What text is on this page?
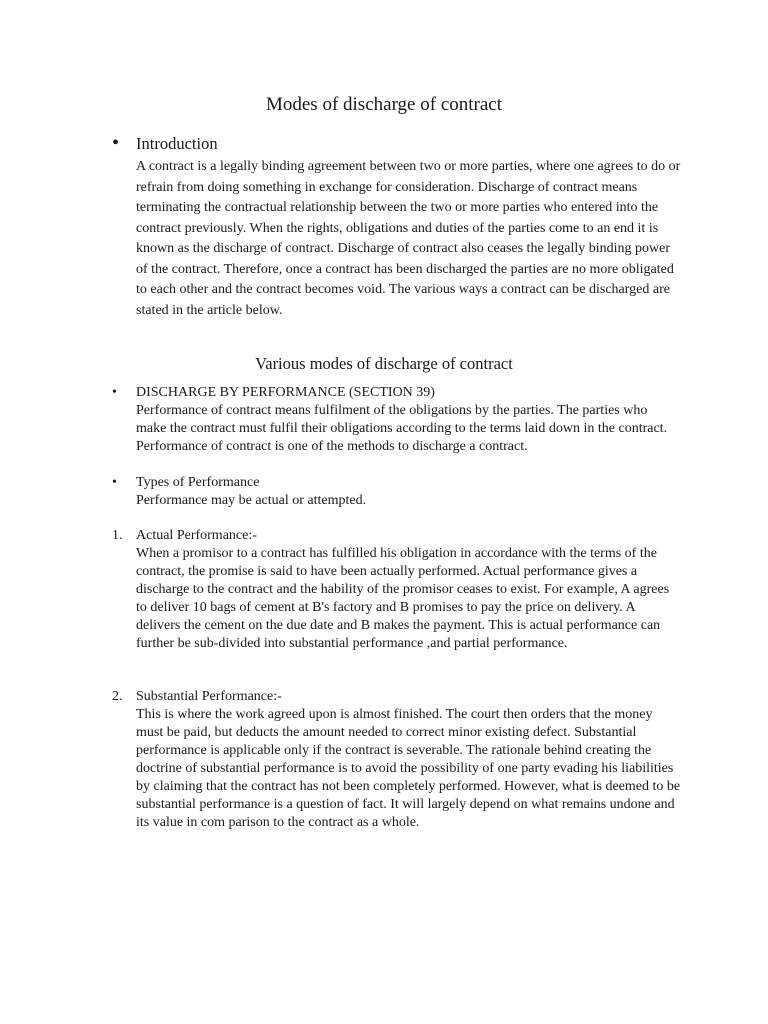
Modes of discharge of contract
• Introduction

A contract is a legally binding agreement between two or more parties, where one agrees to do or refrain from doing something in exchange for consideration. Discharge of contract means terminating the contractual relationship between the two or more parties who entered into the contract previously. When the rights, obligations and duties of the parties come to an end it is known as the discharge of contract. Discharge of contract also ceases the legally binding power of the contract. Therefore, once a contract has been discharged the parties are no more obligated to each other and the contract becomes void. The various ways a contract can be discharged are stated in the article below.

Various modes of discharge of contract
• DISCHARGE BY PERFORMANCE (SECTION 39)

Performance of contract means fulfilment of the obligations by the parties. The parties who make the contract must fulfil their obligations according to the terms laid down in the contract. Performance of contract is one of the methods to discharge a contract.

• Types of Performance

Performance may be actual or attempted.

1. Actual Performance:-

When a promisor to a contract has fulfilled his obligation in accordance with the terms of the contract, the promise is said to have been actually performed. Actual performance gives a discharge to the contract and the hability of the promisor ceases to exist. For example, A agrees to deliver 10 bags of cement at B's factory and B promises to pay the price on delivery. A delivers the cement on the due date and B makes the payment. This is actual performance can further be sub-divided into substantial performance ,and partial performance.

2. Substantial Performance:-

This is where the work agreed upon is almost finished. The court then orders that the money must be paid, but deducts the amount needed to correct minor existing defect. Substantial performance is applicable only if the contract is severable. The rationale behind creating the doctrine of substantial performance is to avoid the possibility of one party evading his liabilities by claiming that the contract has not been completely performed. However, what is deemed to be substantial performance is a question of fact. It will largely depend on what remains undone and its value in com parison to the contract as a whole.
